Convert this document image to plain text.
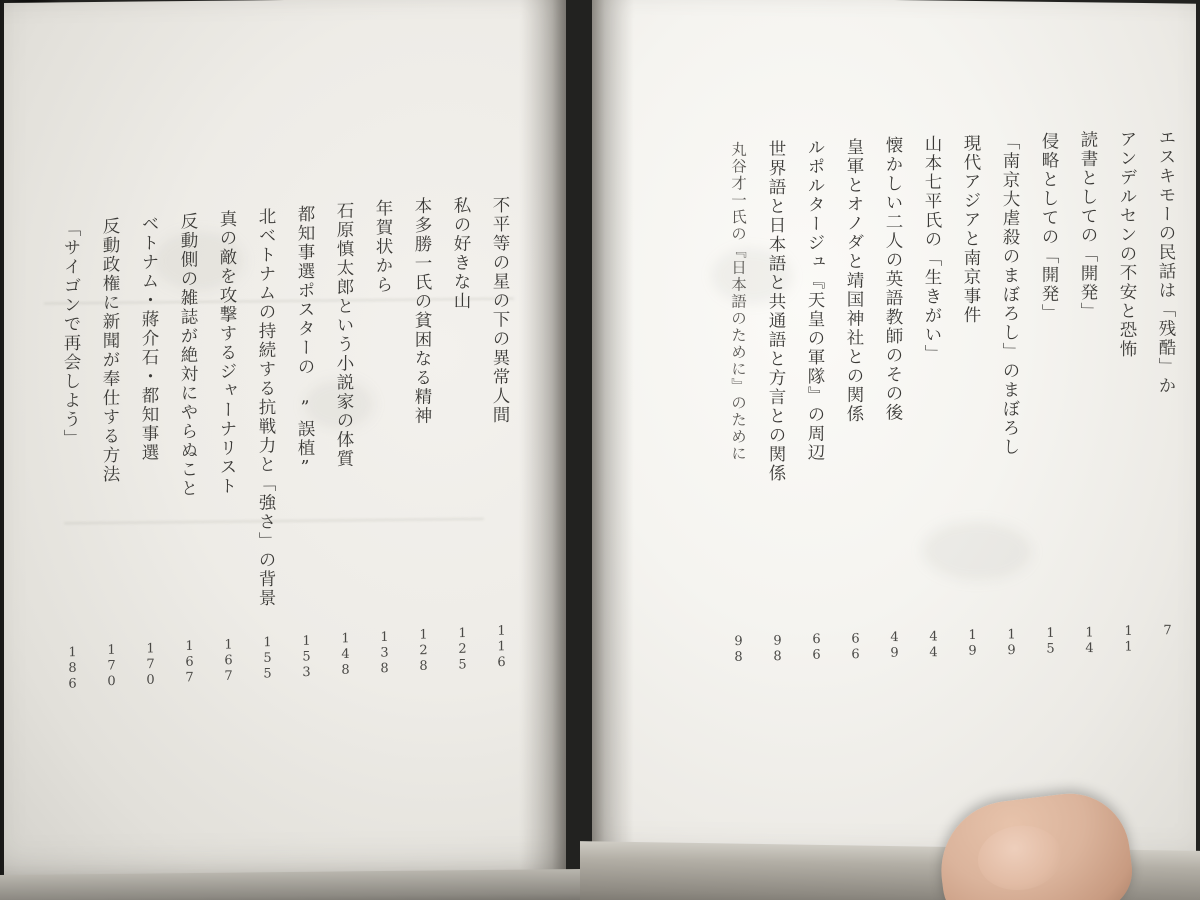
不平等の星の下の異常人間
私の好きな山
本多勝一氏の貧困なる精神
年賀状から
石原慎太郎という小説家の体質
都知事選ポスターの ”誤植”
北ベトナムの持続する抗戦力と「強さ」の背景
真の敵を攻撃するジャーナリスト
反動側の雑誌が絶対にやらぬこと
ベトナム・蔣介石・都知事選
反動政権に新聞が奉仕する方法
「サイゴンで再会しよう」
116
125
128
138
148
153
155
167
167
170
170
186
エスキモーの民話は「残酷」か
アンデルセンの不安と恐怖
読書としての「開発」
侵略としての「開発」
「南京大虐殺のまぼろし」のまぼろし
現代アジアと南京事件
山本七平氏の「生きがい」
懐かしい二人の英語教師のその後
皇軍とオノダと靖国神社との関係
ルポルタージュ『天皇の軍隊』の周辺
世界語と日本語と共通語と方言との関係
丸谷才一氏の『日本語のために』のために
7
11
14
15
19
19
44
49
66
66
98
98
